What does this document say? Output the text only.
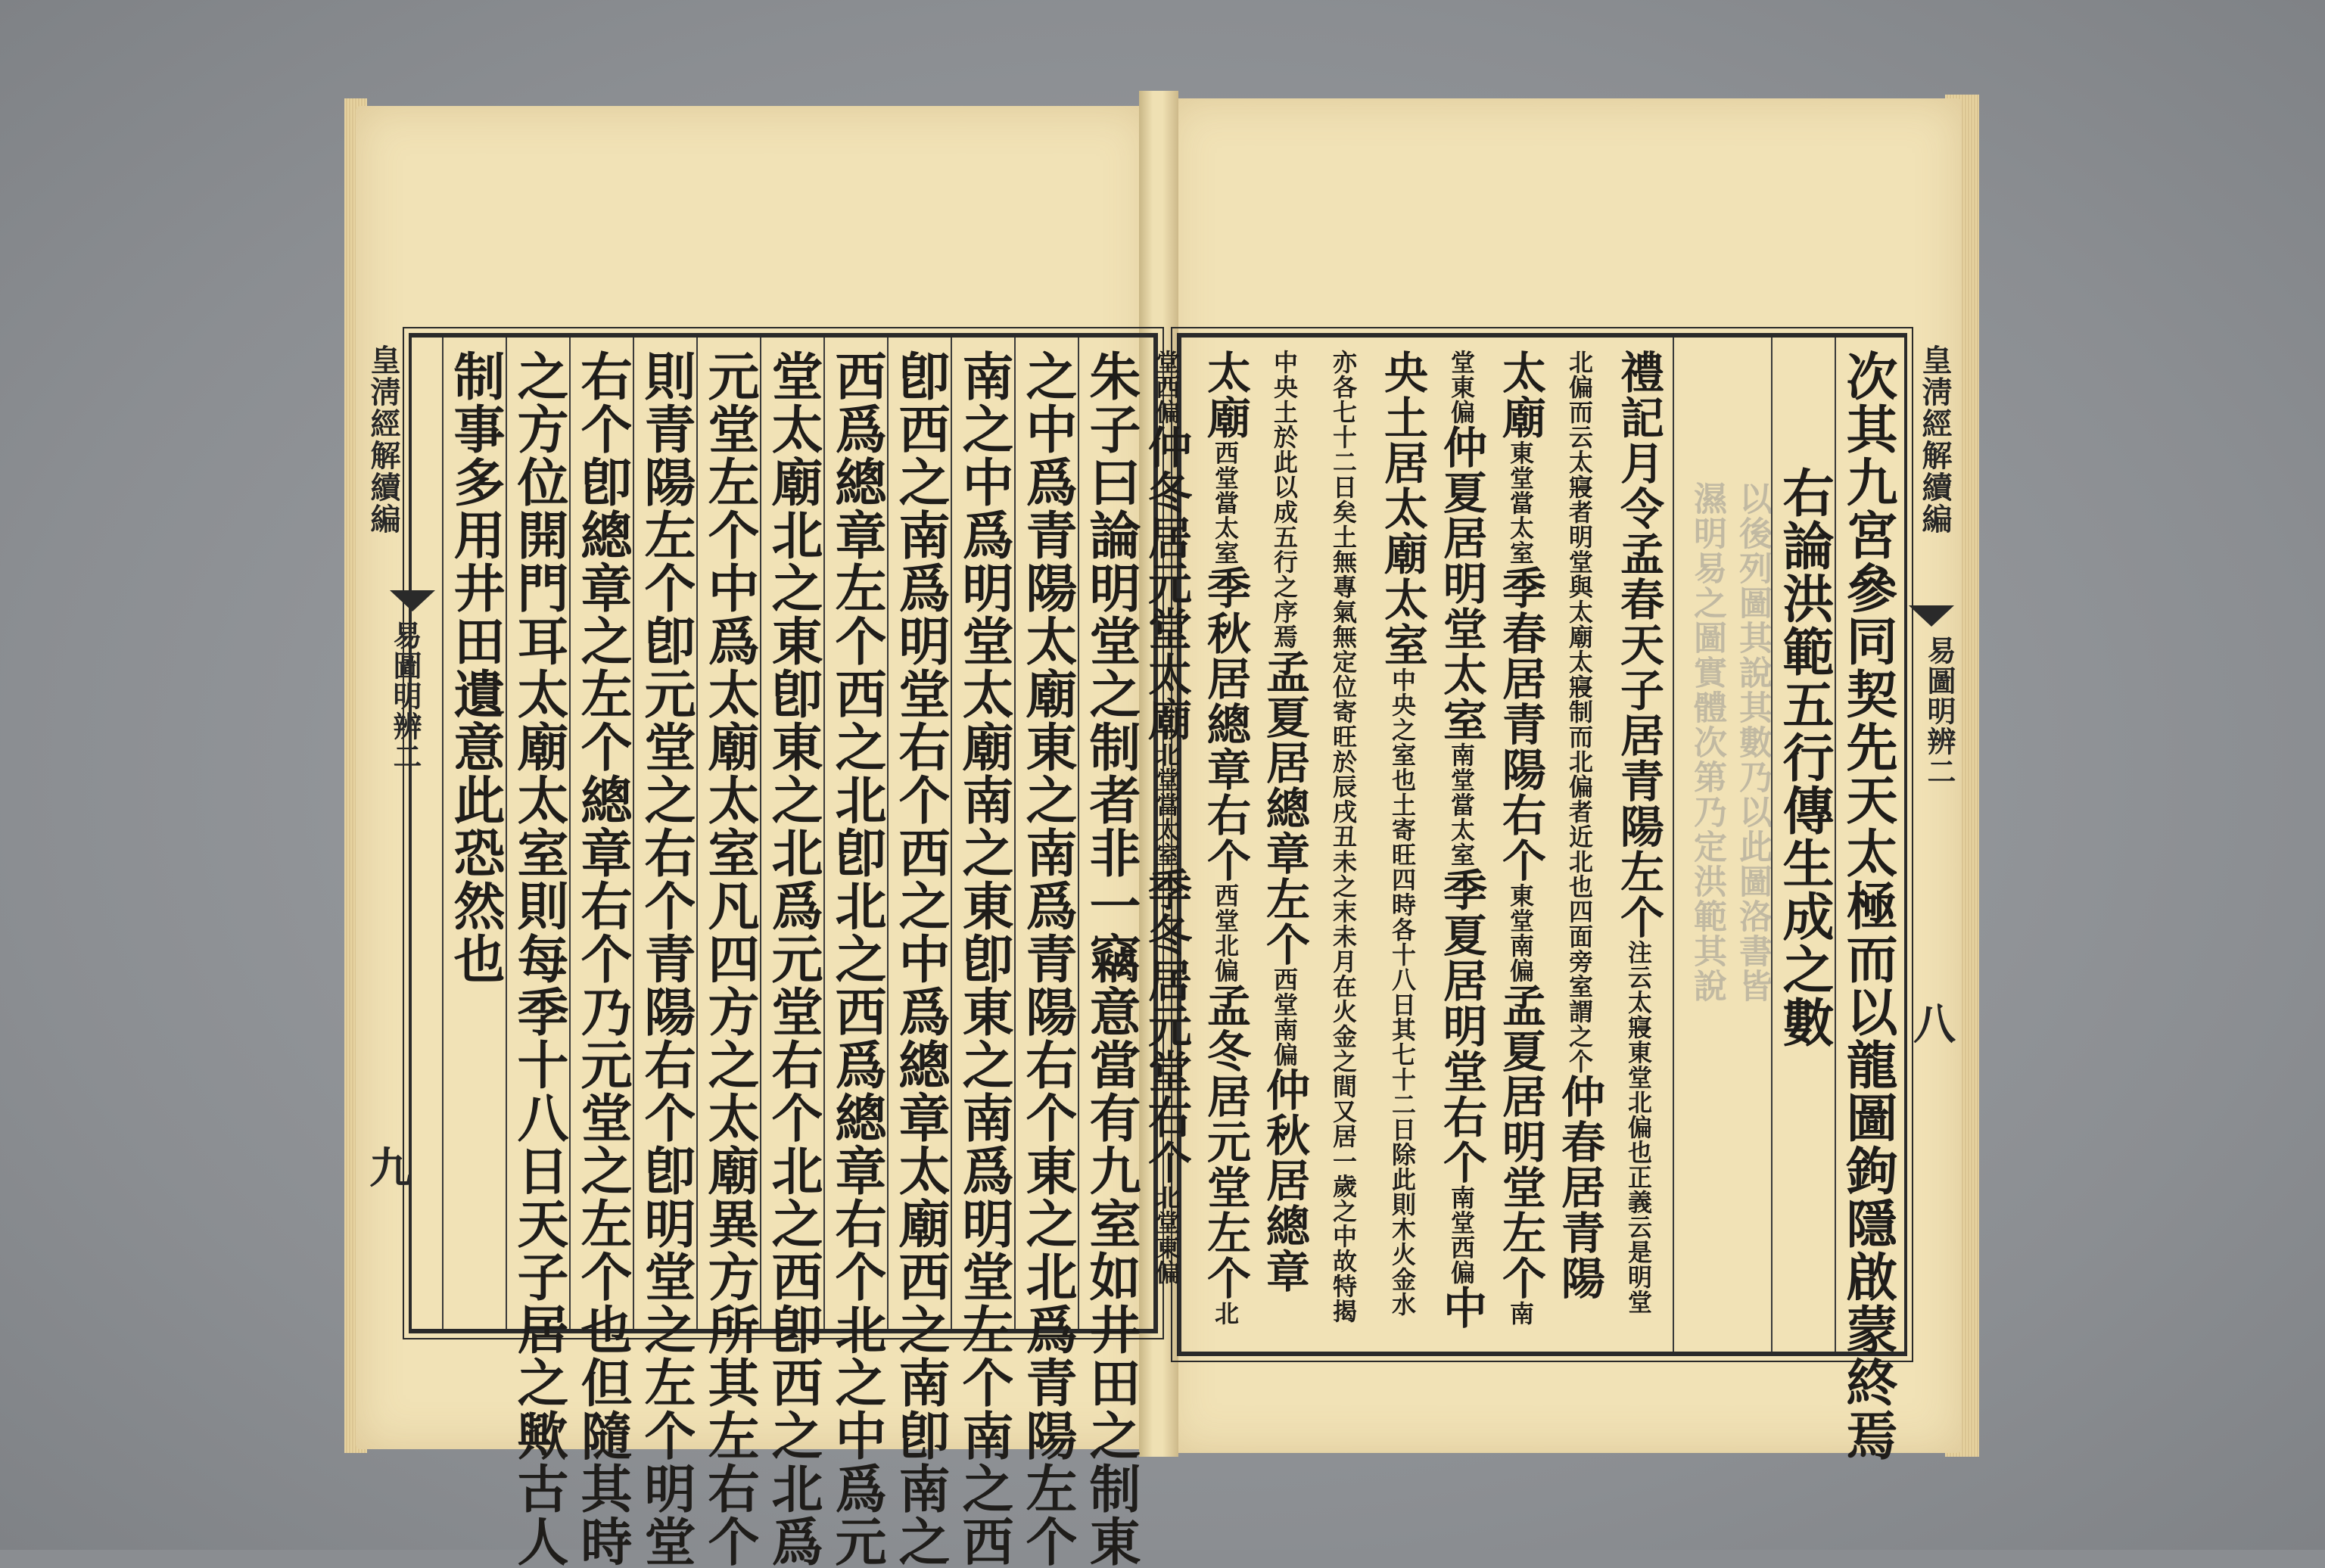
皇淸經解續編
易圖明辨二
九	朱子曰論明堂之制者非一竊意當有九室如井田之制東
之中爲青陽太廟東之南爲青陽右个東之北爲青陽左个
南之中爲明堂太廟南之東卽東之南爲明堂左个南之西
卽西之南爲明堂右个西之中爲總章太廟西之南卽南之
西爲總章左个西之北卽北之西爲總章右个北之中爲元
堂太廟北之東卽東之北爲元堂右个北之西卽西之北爲
元堂左个中爲太廟太室凡四方之太廟異方所其左右个
則青陽左个卽元堂之右个青陽右个卽明堂之左个明堂
右个卽總章之左个總章右个乃元堂之左个也但隨其時
之方位開門耳太廟太室則每季十八日天子居之歟古人
制事多用井田遺意此恐然也	皇淸經解續編
易圖明辨二
八
次其九宮參同契先天太極而以龍圖鉤隱啟蒙終焉
右論洪範五行傳生成之數
以後列圖其說其數乃以此圖洛書皆
濕明易之圖實體次第乃定洪範其說
禮記月令孟春天子居青陽左个注云太寢東堂北偏也正義云是明堂北偏而云太寢者明堂與太廟太寢制而北偏者近北也四面旁室謂之个仲春居青陽太廟東堂當太室季春居青陽右个東堂南偏孟夏居明堂左个南堂東偏仲夏居明堂太室南堂當太室季夏居明堂右个南堂西偏中央土居太廟太室中央之室也土寄旺四時各十八日其七十二日除此則木火金水亦各七十二日矣土無專氣無定位寄旺於辰戌丑未之末未月在火金之間又居一歲之中故特揭中央土於此以成五行之序焉孟夏居總章左个西堂南偏仲秋居總章太廟西堂當太室季秋居總章右个西堂北偏孟冬居元堂左个北堂西偏仲冬居元堂太廟北堂當太室季冬居元堂右个北堂東偏
